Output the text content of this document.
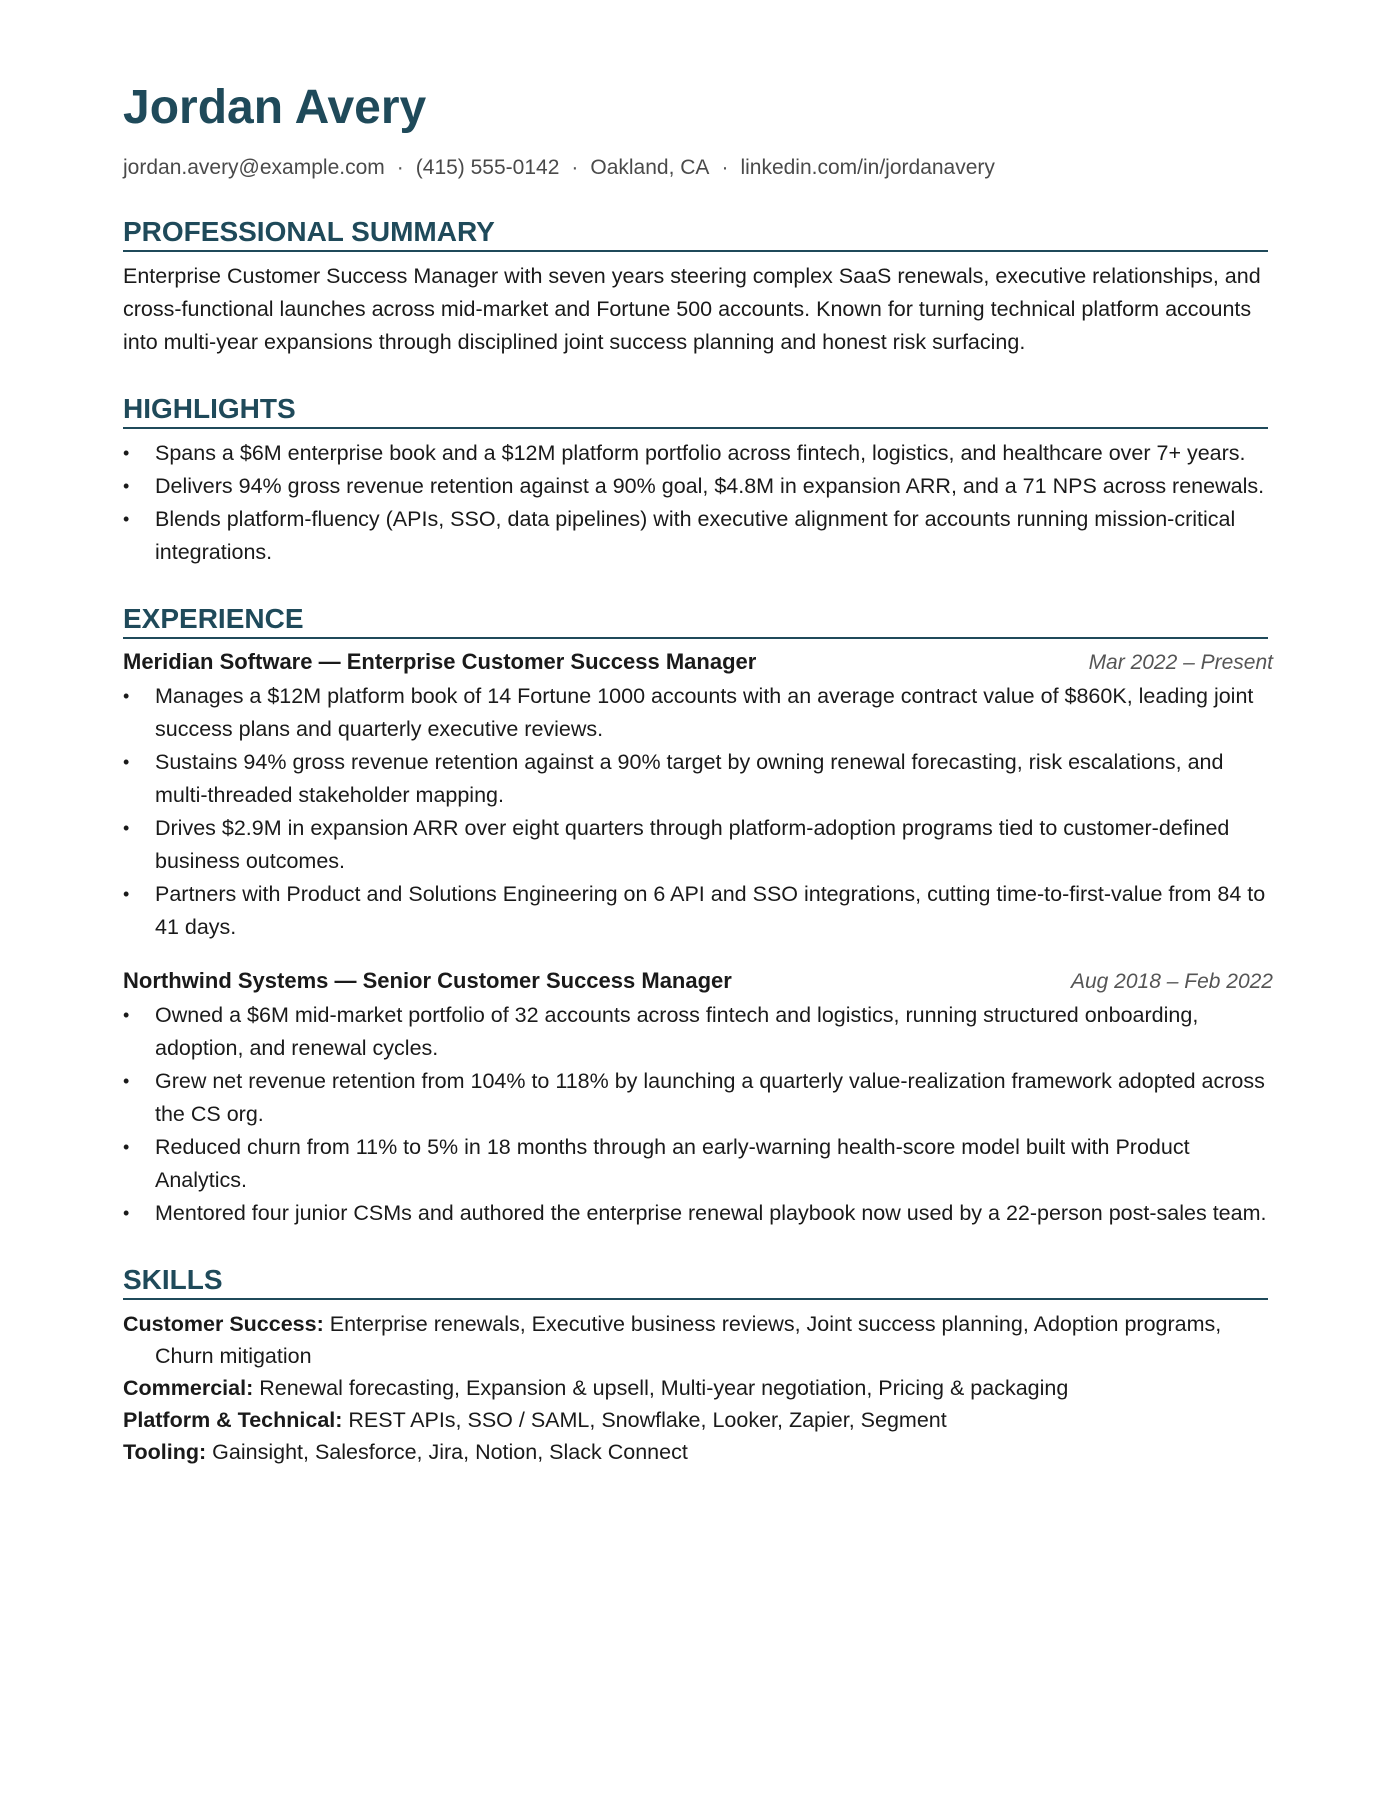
Jordan Avery
jordan.avery@example.com · (415) 555-0142 · Oakland, CA · linkedin.com/in/jordanavery
PROFESSIONAL SUMMARY

Enterprise Customer Success Manager with seven years steering complex SaaS renewals, executive relationships, and cross-functional launches across mid-market and Fortune 500 accounts. Known for turning technical platform accounts into multi-year expansions through disciplined joint success planning and honest risk surfacing.

HIGHLIGHTS
• Spans a $6M enterprise book and a $12M platform portfolio across fintech, logistics, and healthcare over 7+ years.
• Delivers 94% gross revenue retention against a 90% goal, $4.8M in expansion ARR, and a 71 NPS across renewals.
• Blends platform-fluency (APIs, SSO, data pipelines) with executive alignment for accounts running mission-critical integrations.
EXPERIENCE
Meridian Software — Enterprise Customer Success Manager	Mar 2022 – Present
• Manages a $12M platform book of 14 Fortune 1000 accounts with an average contract value of $860K, leading joint success plans and quarterly executive reviews.
• Sustains 94% gross revenue retention against a 90% target by owning renewal forecasting, risk escalations, and multi-threaded stakeholder mapping.
• Drives $2.9M in expansion ARR over eight quarters through platform-adoption programs tied to customer-defined business outcomes.
• Partners with Product and Solutions Engineering on 6 API and SSO integrations, cutting time-to-first-value from 84 to 41 days.
Northwind Systems — Senior Customer Success Manager	Aug 2018 – Feb 2022
• Owned a $6M mid-market portfolio of 32 accounts across fintech and logistics, running structured onboarding, adoption, and renewal cycles.
• Grew net revenue retention from 104% to 118% by launching a quarterly value-realization framework adopted across the CS org.
• Reduced churn from 11% to 5% in 18 months through an early-warning health-score model built with Product Analytics.
• Mentored four junior CSMs and authored the enterprise renewal playbook now used by a 22-person post-sales team.
SKILLS
Customer Success: Enterprise renewals, Executive business reviews, Joint success planning, Adoption programs, Churn mitigation
Commercial: Renewal forecasting, Expansion & upsell, Multi-year negotiation, Pricing & packaging
Platform & Technical: REST APIs, SSO / SAML, Snowflake, Looker, Zapier, Segment
Tooling: Gainsight, Salesforce, Jira, Notion, Slack Connect
